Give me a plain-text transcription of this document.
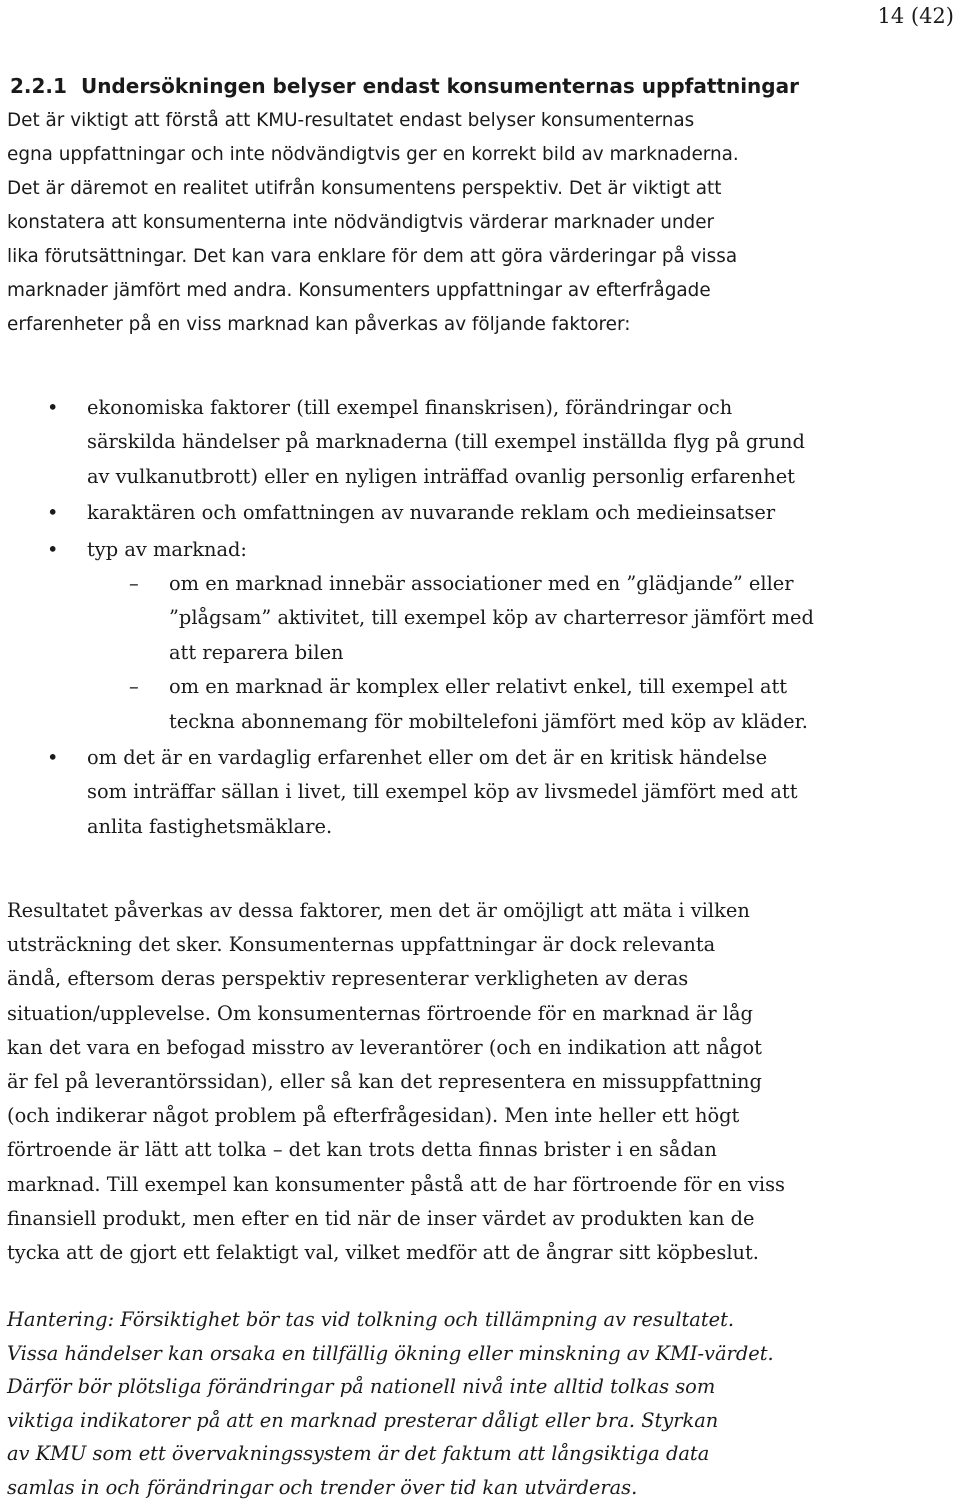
14 (42)
2.2.1 Undersökningen belyser endast konsumenternas uppfattningar

Det är viktigt att förstå att KMU-resultatet endast belyser konsumenternas
egna uppfattningar och inte nödvändigtvis ger en korrekt bild av marknaderna.
Det är däremot en realitet utifrån konsumentens perspektiv. Det är viktigt att
konstatera att konsumenterna inte nödvändigtvis värderar marknader under
lika förutsättningar. Det kan vara enklare för dem att göra värderingar på vissa
marknader jämfört med andra. Konsumenters uppfattningar av efterfrågade
erfarenheter på en viss marknad kan påverkas av följande faktorer:

• ekonomiska faktorer (till exempel finanskrisen), förändringar och
särskilda händelser på marknaderna (till exempel inställda flyg på grund
av vulkanutbrott) eller en nyligen inträffad ovanlig personlig erfarenhet
• karaktären och omfattningen av nuvarande reklam och medieinsatser
• typ av marknad:
– om en marknad innebär associationer med en ”glädjande” eller
”plågsam” aktivitet, till exempel köp av charterresor jämfört med
att reparera bilen
– om en marknad är komplex eller relativt enkel, till exempel att
teckna abonnemang för mobiltelefoni jämfört med köp av kläder.
• om det är en vardaglig erfarenhet eller om det är en kritisk händelse
som inträffar sällan i livet, till exempel köp av livsmedel jämfört med att
anlita fastighetsmäklare.

Resultatet påverkas av dessa faktorer, men det är omöjligt att mäta i vilken
utsträckning det sker. Konsumenternas uppfattningar är dock relevanta
ändå, eftersom deras perspektiv representerar verkligheten av deras
situation/upplevelse. Om konsumenternas förtroende för en marknad är låg
kan det vara en befogad misstro av leverantörer (och en indikation att något
är fel på leverantörssidan), eller så kan det representera en missuppfattning
(och indikerar något problem på efterfrågesidan). Men inte heller ett högt
förtroende är lätt att tolka – det kan trots detta finnas brister i en sådan
marknad. Till exempel kan konsumenter påstå att de har förtroende för en viss
finansiell produkt, men efter en tid när de inser värdet av produkten kan de
tycka att de gjort ett felaktigt val, vilket medför att de ångrar sitt köpbeslut.

Hantering: Försiktighet bör tas vid tolkning och tillämpning av resultatet.
Vissa händelser kan orsaka en tillfällig ökning eller minskning av KMI-värdet.
Därför bör plötsliga förändringar på nationell nivå inte alltid tolkas som
viktiga indikatorer på att en marknad presterar dåligt eller bra. Styrkan
av KMU som ett övervakningssystem är det faktum att långsiktiga data
samlas in och förändringar och trender över tid kan utvärderas.
